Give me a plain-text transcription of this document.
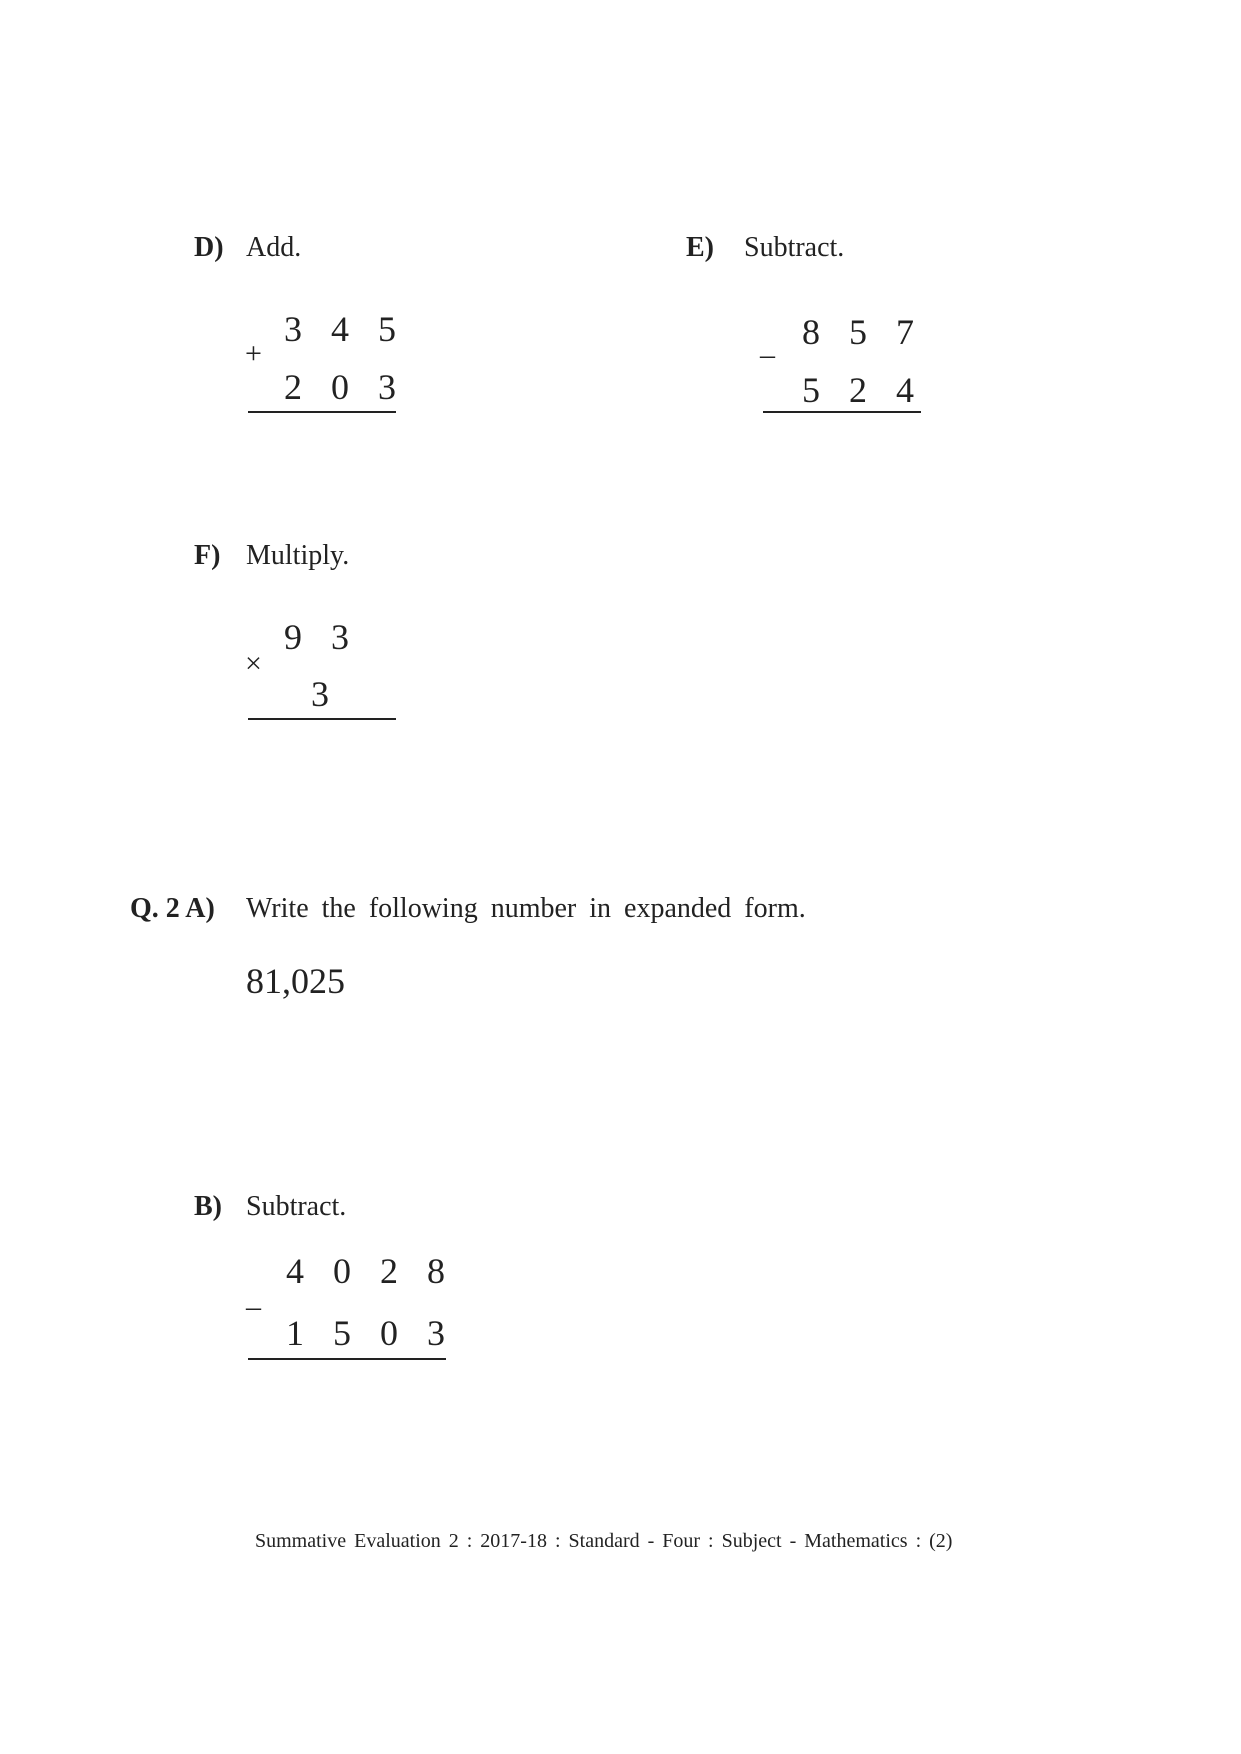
D) Add.
+
3 4 5
2 0 3
E) Subtract.
–
8 5 7
5 2 4
F) Multiply.
×
9 3
3
Q. 2 A) Write the following number in expanded form.
81,025
B) Subtract.
–
4 0 2 8
1 5 0 3
Summative Evaluation 2 : 2017-18 : Standard - Four : Subject - Mathematics : (2)
